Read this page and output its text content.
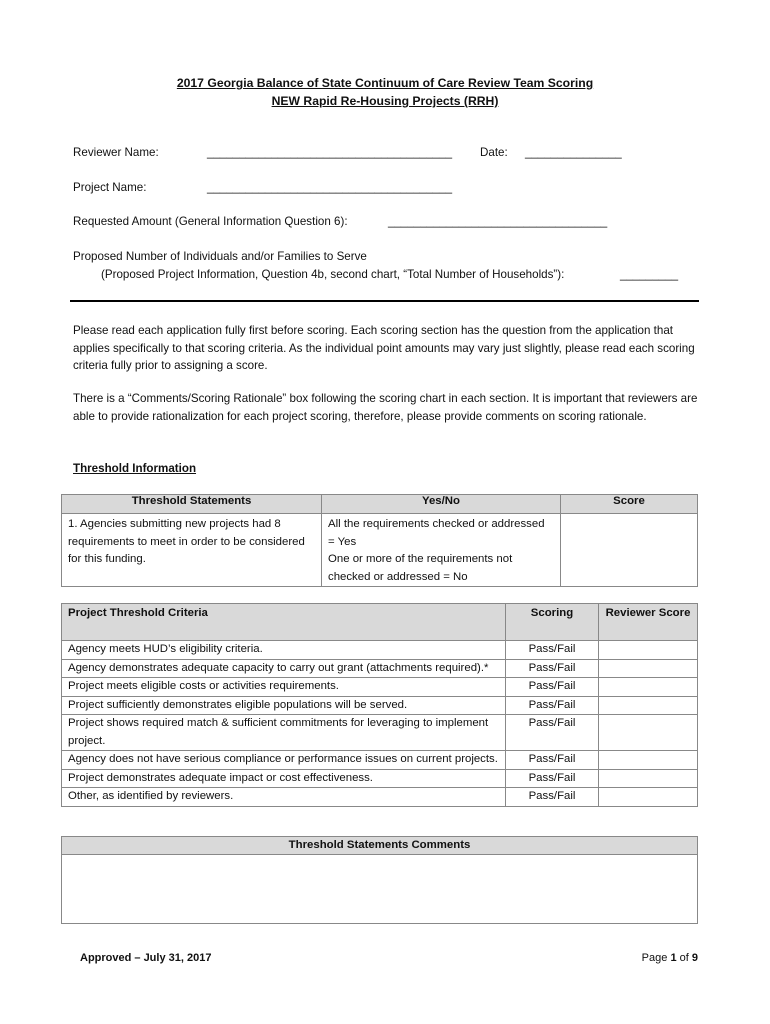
2017 Georgia Balance of State Continuum of Care Review Team Scoring
NEW Rapid Re-Housing Projects (RRH)
Reviewer Name:	______________________________________ Date: _______________
Project Name:	______________________________________
Requested Amount (General Information Question 6):	__________________________________
Proposed Number of Individuals and/or Families to Serve
(Proposed Project Information, Question 4b, second chart, “Total Number of Households”):	_________
Please read each application fully first before scoring. Each scoring section has the question from the application that applies specifically to that scoring criteria. As the individual point amounts may vary just slightly, please read each scoring criteria fully prior to assigning a score.
There is a “Comments/Scoring Rationale” box following the scoring chart in each section. It is important that reviewers are able to provide rationalization for each project scoring, therefore, please provide comments on scoring rationale.
Threshold Information
Threshold Statements	Yes/No	Score
1. Agencies submitting new projects had 8 requirements to meet in order to be considered for this funding.	All the requirements checked or addressed = Yes
One or more of the requirements not checked or addressed = No	

Project Threshold Criteria	Scoring	Reviewer Score
Agency meets HUD’s eligibility criteria.	Pass/Fail	
Agency demonstrates adequate capacity to carry out grant (attachments required).*	Pass/Fail	
Project meets eligible costs or activities requirements.	Pass/Fail	
Project sufficiently demonstrates eligible populations will be served.	Pass/Fail	
Project shows required match & sufficient commitments for leveraging to implement project.	Pass/Fail	
Agency does not have serious compliance or performance issues on current projects.	Pass/Fail	
Project demonstrates adequate impact or cost effectiveness.	Pass/Fail	
Other, as identified by reviewers.	Pass/Fail	
Threshold Statements Comments

Approved – July 31, 2017	Page 1 of 9
